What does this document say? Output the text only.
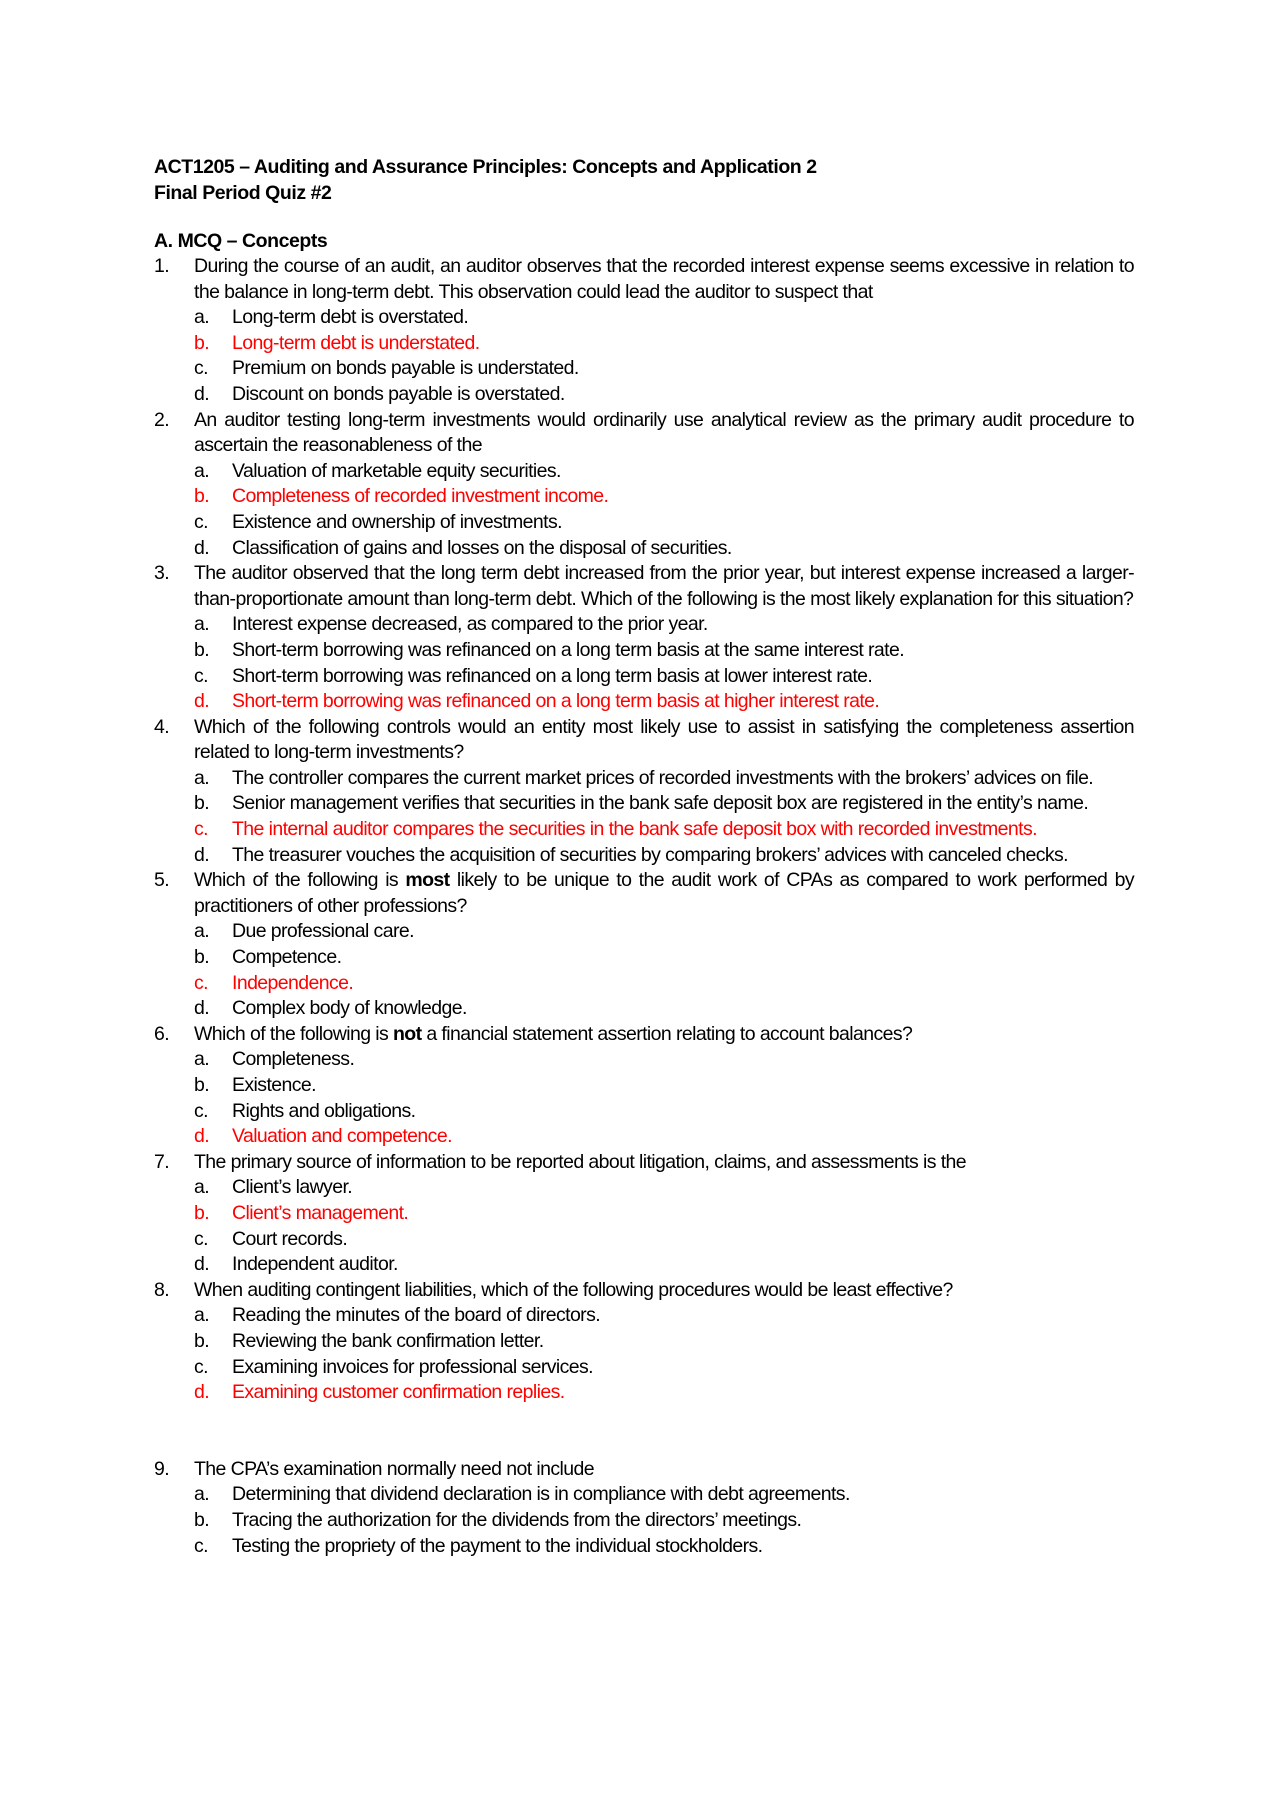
ACT1205 – Auditing and Assurance Principles: Concepts and Application 2
Final Period Quiz #2
A. MCQ – Concepts
1. During the course of an audit, an auditor observes that the recorded interest expense seems excessive in relation to the balance in long-term debt. This observation could lead the auditor to suspect that
a. Long-term debt is overstated.
b. Long-term debt is understated.
c. Premium on bonds payable is understated.
d. Discount on bonds payable is overstated.
2. An auditor testing long-term investments would ordinarily use analytical review as the primary audit procedure to ascertain the reasonableness of the
a. Valuation of marketable equity securities.
b. Completeness of recorded investment income.
c. Existence and ownership of investments.
d. Classification of gains and losses on the disposal of securities.
3. The auditor observed that the long term debt increased from the prior year, but interest expense increased a larger-than-proportionate amount than long-term debt. Which of the following is the most likely explanation for this situation?
a. Interest expense decreased, as compared to the prior year.
b. Short-term borrowing was refinanced on a long term basis at the same interest rate.
c. Short-term borrowing was refinanced on a long term basis at lower interest rate.
d. Short-term borrowing was refinanced on a long term basis at higher interest rate.
4. Which of the following controls would an entity most likely use to assist in satisfying the completeness assertion related to long-term investments?
a. The controller compares the current market prices of recorded investments with the brokers’ advices on file.
b. Senior management verifies that securities in the bank safe deposit box are registered in the entity’s name.
c. The internal auditor compares the securities in the bank safe deposit box with recorded investments.
d. The treasurer vouches the acquisition of securities by comparing brokers’ advices with canceled checks.
5. Which of the following is most likely to be unique to the audit work of CPAs as compared to work performed by practitioners of other professions?
a. Due professional care.
b. Competence.
c. Independence.
d. Complex body of knowledge.
6. Which of the following is not a financial statement assertion relating to account balances?
a. Completeness.
b. Existence.
c. Rights and obligations.
d. Valuation and competence.
7. The primary source of information to be reported about litigation, claims, and assessments is the
a. Client’s lawyer.
b. Client’s management.
c. Court records.
d. Independent auditor.
8. When auditing contingent liabilities, which of the following procedures would be least effective?
a. Reading the minutes of the board of directors.
b. Reviewing the bank confirmation letter.
c. Examining invoices for professional services.
d. Examining customer confirmation replies.
9. The CPA’s examination normally need not include
a. Determining that dividend declaration is in compliance with debt agreements.
b. Tracing the authorization for the dividends from the directors’ meetings.
c. Testing the propriety of the payment to the individual stockholders.
